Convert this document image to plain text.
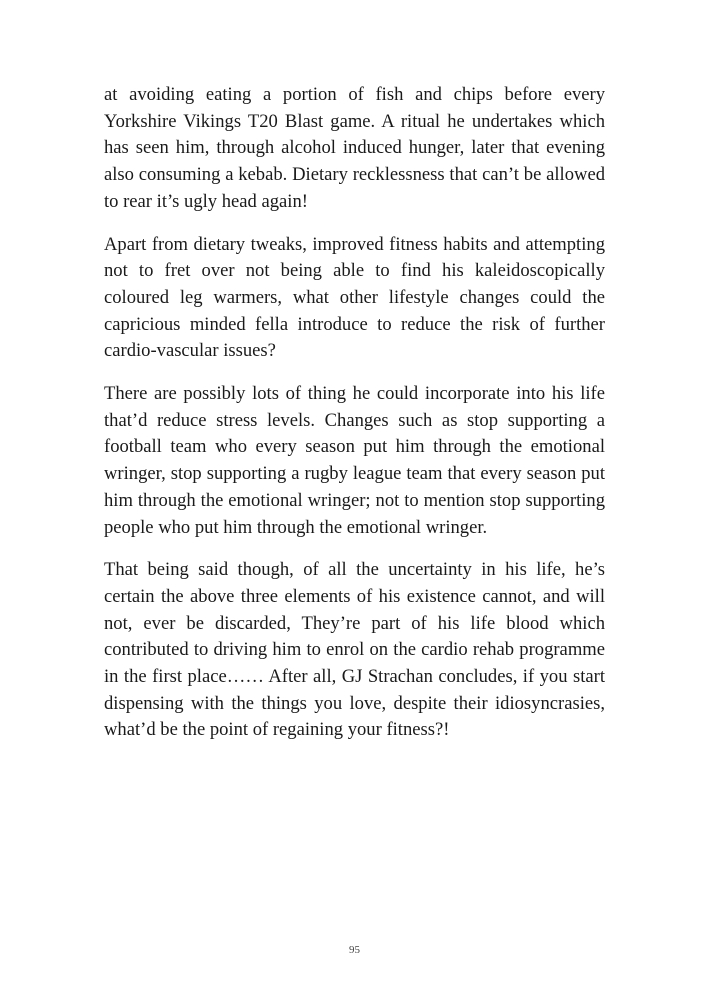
at avoiding eating a portion of fish and chips before every Yorkshire Vikings T20 Blast game. A ritual he undertakes which has seen him, through alcohol induced hunger, later that evening also consuming a kebab. Dietary recklessness that can’t be allowed to rear it’s ugly head again!

Apart from dietary tweaks, improved fitness habits and attempting not to fret over not being able to find his kaleidoscopically coloured leg warmers, what other lifestyle changes could the capricious minded fella introduce to reduce the risk of further cardio-vascular issues?

There are possibly lots of thing he could incorporate into his life that’d reduce stress levels. Changes such as stop supporting a football team who every season put him through the emotional wringer, stop supporting a rugby league team that every season put him through the emotional wringer; not to mention stop supporting people who put him through the emotional wringer.

That being said though, of all the uncertainty in his life, he’s certain the above three elements of his existence cannot, and will not, ever be discarded, They’re part of his life blood which contributed to driving him to enrol on the cardio rehab programme in the first place…… After all, GJ Strachan concludes, if you start dispensing with the things you love, despite their idiosyncrasies, what’d be the point of regaining your fitness?!

95
